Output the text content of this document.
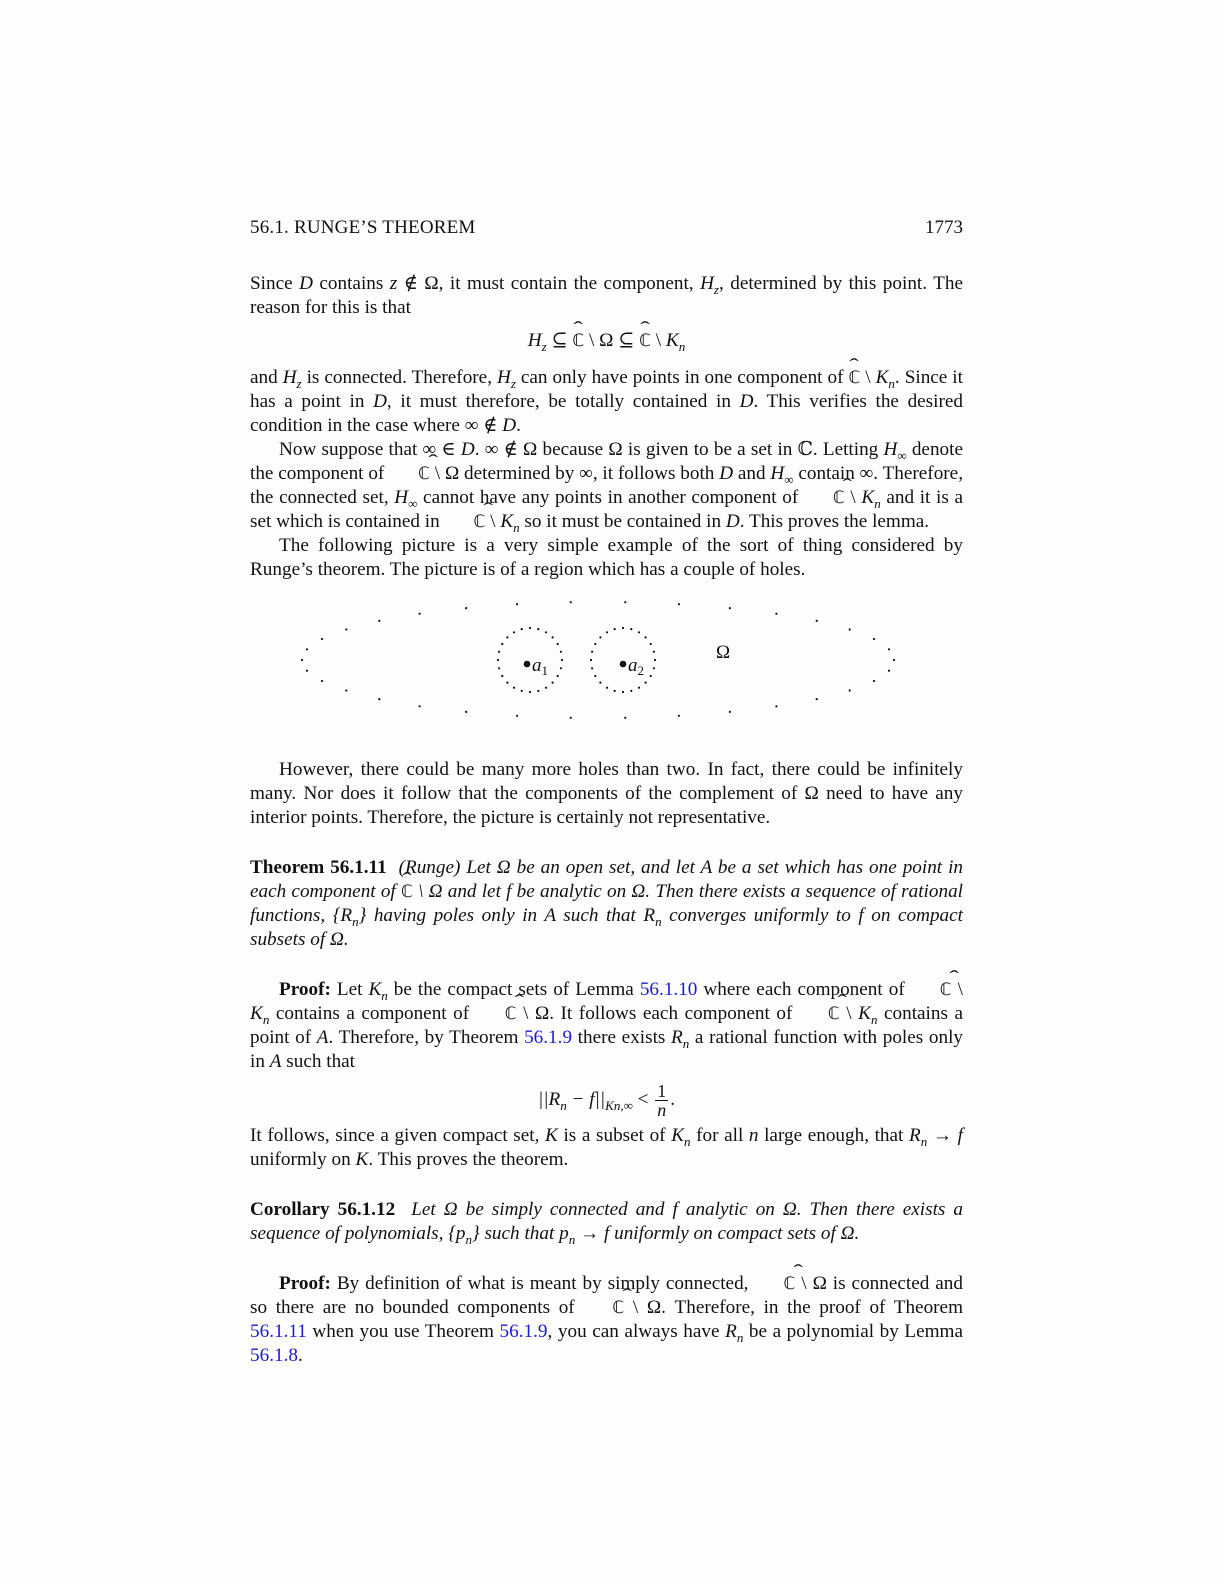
56.1. RUNGE’S THEOREM	1773

Since D contains z ∉ Ω, it must contain the component, $H_z$, determined by this point. The reason for this is that

$H_z$ ⊆ ˆ ℂ \ Ω ⊆ ˆ ℂ \ $K_n$

and $H_z$ is connected. Therefore, $H_z$ can only have points in one component of ˆ ℂ \ $K_n$. Since it has a point in D, it must therefore, be totally contained in D. This verifies the desired condition in the case where ∞ ∉ D.

Now suppose that ∞ ∈ D. ∞ ∉ Ω because Ω is given to be a set in ℂ. Letting $H_\infty$ denote the component of ˆ ℂ \ Ω determined by ∞, it follows both D and $H_\infty$ contain ∞. Therefore, the connected set, $H_\infty$ cannot have any points in another component of ˆ ℂ \ $K_n$ and it is a set which is contained in ˆ ℂ \ $K_n$ so it must be contained in D. This proves the lemma.

The following picture is a very simple example of the sort of thing considered by Runge’s theorem. The picture is of a region which has a couple of holes.

$a_1$	$a_2$
Ω

However, there could be many more holes than two. In fact, there could be infinitely many. Nor does it follow that the components of the complement of Ω need to have any interior points. Therefore, the picture is certainly not representative.

Theorem 56.1.11 (Runge) Let Ω be an open set, and let A be a set which has one point in each component of ˆ ℂ \ Ω and let f be analytic on Ω. Then there exists a sequence of rational functions, $\{R_n\}$ having poles only in A such that $R_n$ converges uniformly to f on compact subsets of Ω.

Proof: Let $K_n$ be the compact sets of Lemma 56.1.10 where each component of ˆ ℂ \ $K_n$ contains a component of ˆ ℂ \ Ω. It follows each component of ˆ ℂ \ $K_n$ contains a point of A. Therefore, by Theorem 56.1.9 there exists $R_n$ a rational function with poles only in A such that

$||R_n - f||_{Kn,\infty} < \frac{1}{n}$ .

It follows, since a given compact set, K is a subset of $K_n$ for all n large enough, that $R_n \to f$ uniformly on K. This proves the theorem.

Corollary 56.1.12 Let Ω be simply connected and f analytic on Ω. Then there exists a sequence of polynomials, $\{p_n\}$ such that $p_n \to f$ uniformly on compact sets of Ω.

Proof: By definition of what is meant by simply connected, ˆ ℂ \ Ω is connected and so there are no bounded components of ˆ ℂ \ Ω. Therefore, in the proof of Theorem 56.1.11 when you use Theorem 56.1.9, you can always have $R_n$ be a polynomial by Lemma 56.1.8.
